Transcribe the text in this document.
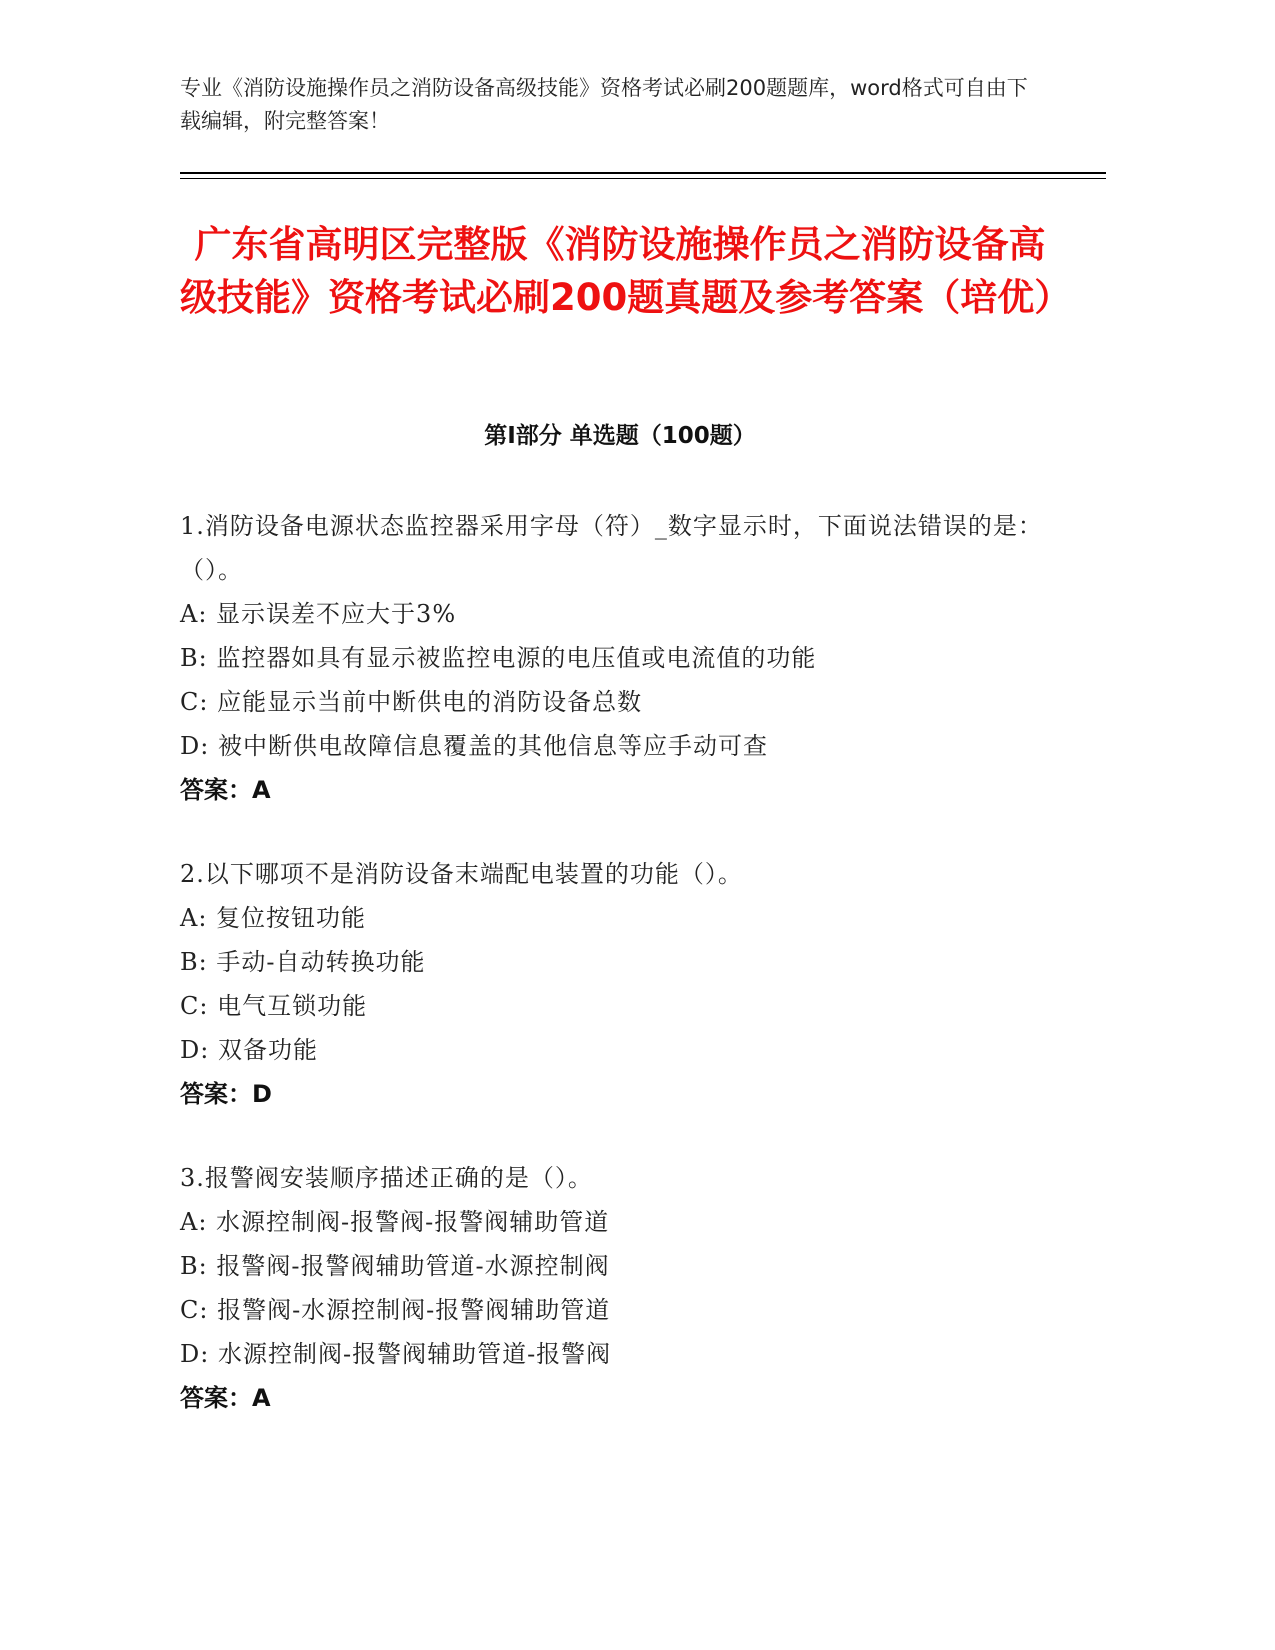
专业《消防设施操作员之消防设备高级技能》资格考试必刷200题题库，word格式可自由下载编辑，附完整答案！
广东省高明区完整版《消防设施操作员之消防设备高级技能》资格考试必刷200题真题及参考答案（培优）
第Ⅰ部分 单选题（100题）
1.消防设备电源状态监控器采用字母（符）_数字显示时，下面说法错误的是：（）。
A: 显示误差不应大于3%
B: 监控器如具有显示被监控电源的电压值或电流值的功能
C: 应能显示当前中断供电的消防设备总数
D: 被中断供电故障信息覆盖的其他信息等应手动可查
答案：A
2.以下哪项不是消防设备末端配电装置的功能（）。
A: 复位按钮功能
B: 手动-自动转换功能
C: 电气互锁功能
D: 双备功能
答案：D
3.报警阀安装顺序描述正确的是（）。
A: 水源控制阀-报警阀-报警阀辅助管道
B: 报警阀-报警阀辅助管道-水源控制阀
C: 报警阀-水源控制阀-报警阀辅助管道
D: 水源控制阀-报警阀辅助管道-报警阀
答案：A
